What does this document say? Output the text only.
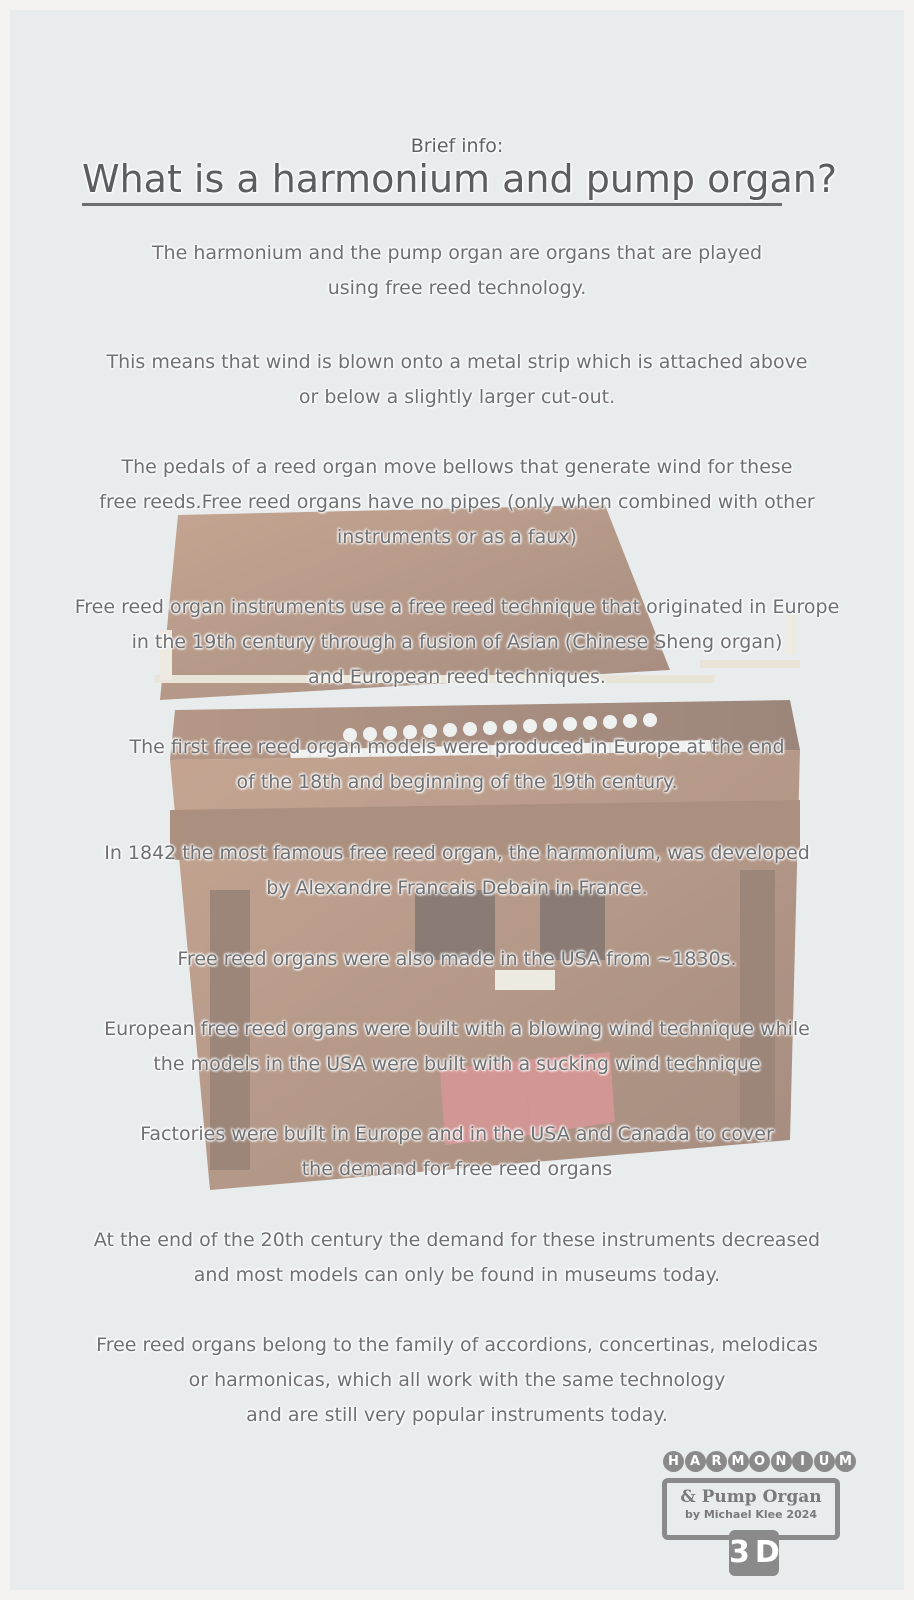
Brief info:
What is a harmonium and pump organ?
The harmonium and the pump organ are organs that are played
using free reed technology.
This means that wind is blown onto a metal strip which is attached above
or below a slightly larger cut-out.
The pedals of a reed organ move bellows that generate wind for these
free reeds.Free reed organs have no pipes (only when combined with other
instruments or as a faux)
Free reed organ instruments use a free reed technique that originated in Europe
in the 19th century through a fusion of Asian (Chinese Sheng organ)
and European reed techniques.
The first free reed organ models were produced in Europe at the end
of the 18th and beginning of the 19th century.
In 1842 the most famous free reed organ, the harmonium, was developed
by Alexandre Francais Debain in France.
Free reed organs were also made in the USA from ~1830s.
European free reed organs were built with a blowing wind technique while
the models in the USA were built with a sucking wind technique
Factories were built in Europe and in the USA and Canada to cover
the demand for free reed organs
At the end of the 20th century the demand for these instruments decreased
and most models can only be found in museums today.
Free reed organs belong to the family of accordions, concertinas, melodicas
or harmonicas, which all work with the same technology
and are still very popular instruments today.
H A R M O N I U M
& Pump Organ
by Michael Klee 2024
3D
